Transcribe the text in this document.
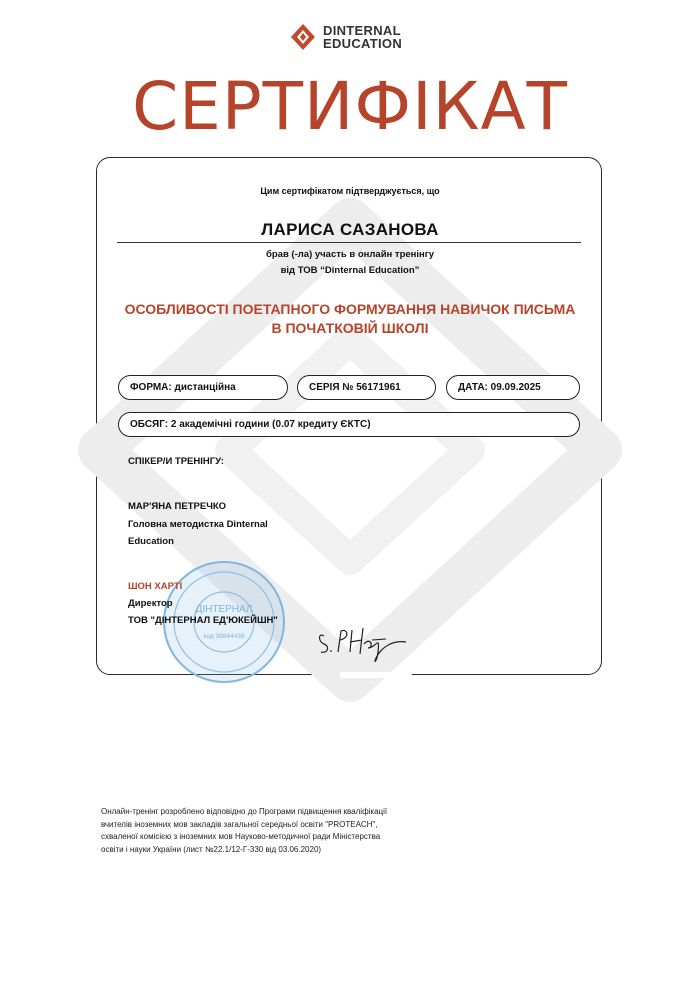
DINTERNAL
EDUCATION
СЕРТИФІКАТ
Цим сертифікатом підтверджується, що
ЛАРИСА САЗАНОВА
брав (-ла) участь в онлайн тренінгу
від ТОВ “Dinternal Education”
ОСОБЛИВОСТІ ПОЕТАПНОГО ФОРМУВАННЯ НАВИЧОК ПИСЬМА
В ПОЧАТКОВІЙ ШКОЛІ
ФОРМА: дистанційна	СЕРІЯ № 56171961	ДАТА: 09.09.2025
ОБСЯГ: 2 академічні години (0.07 кредиту ЄКТС)
СПІКЕР/И ТРЕНІНГУ:
МАР'ЯНА ПЕТРЕЧКО
Головна методистка Dinternal Education
ДІНТЕРНАЛ
код 38844438
ШОН ХАРТІ
Директор
ТОВ "ДІНТЕРНАЛ ЕД'ЮКЕЙШН"
Онлайн-тренінг розроблено відповідно до Програми підвищення кваліфікації вчителів іноземних мов закладів загальної середньої освіти "PROTEACH", схваленої комісією з іноземних мов Науково-методичної ради Міністерства освіти і науки України (лист №22.1/12-Г-330 від 03.06.2020)
